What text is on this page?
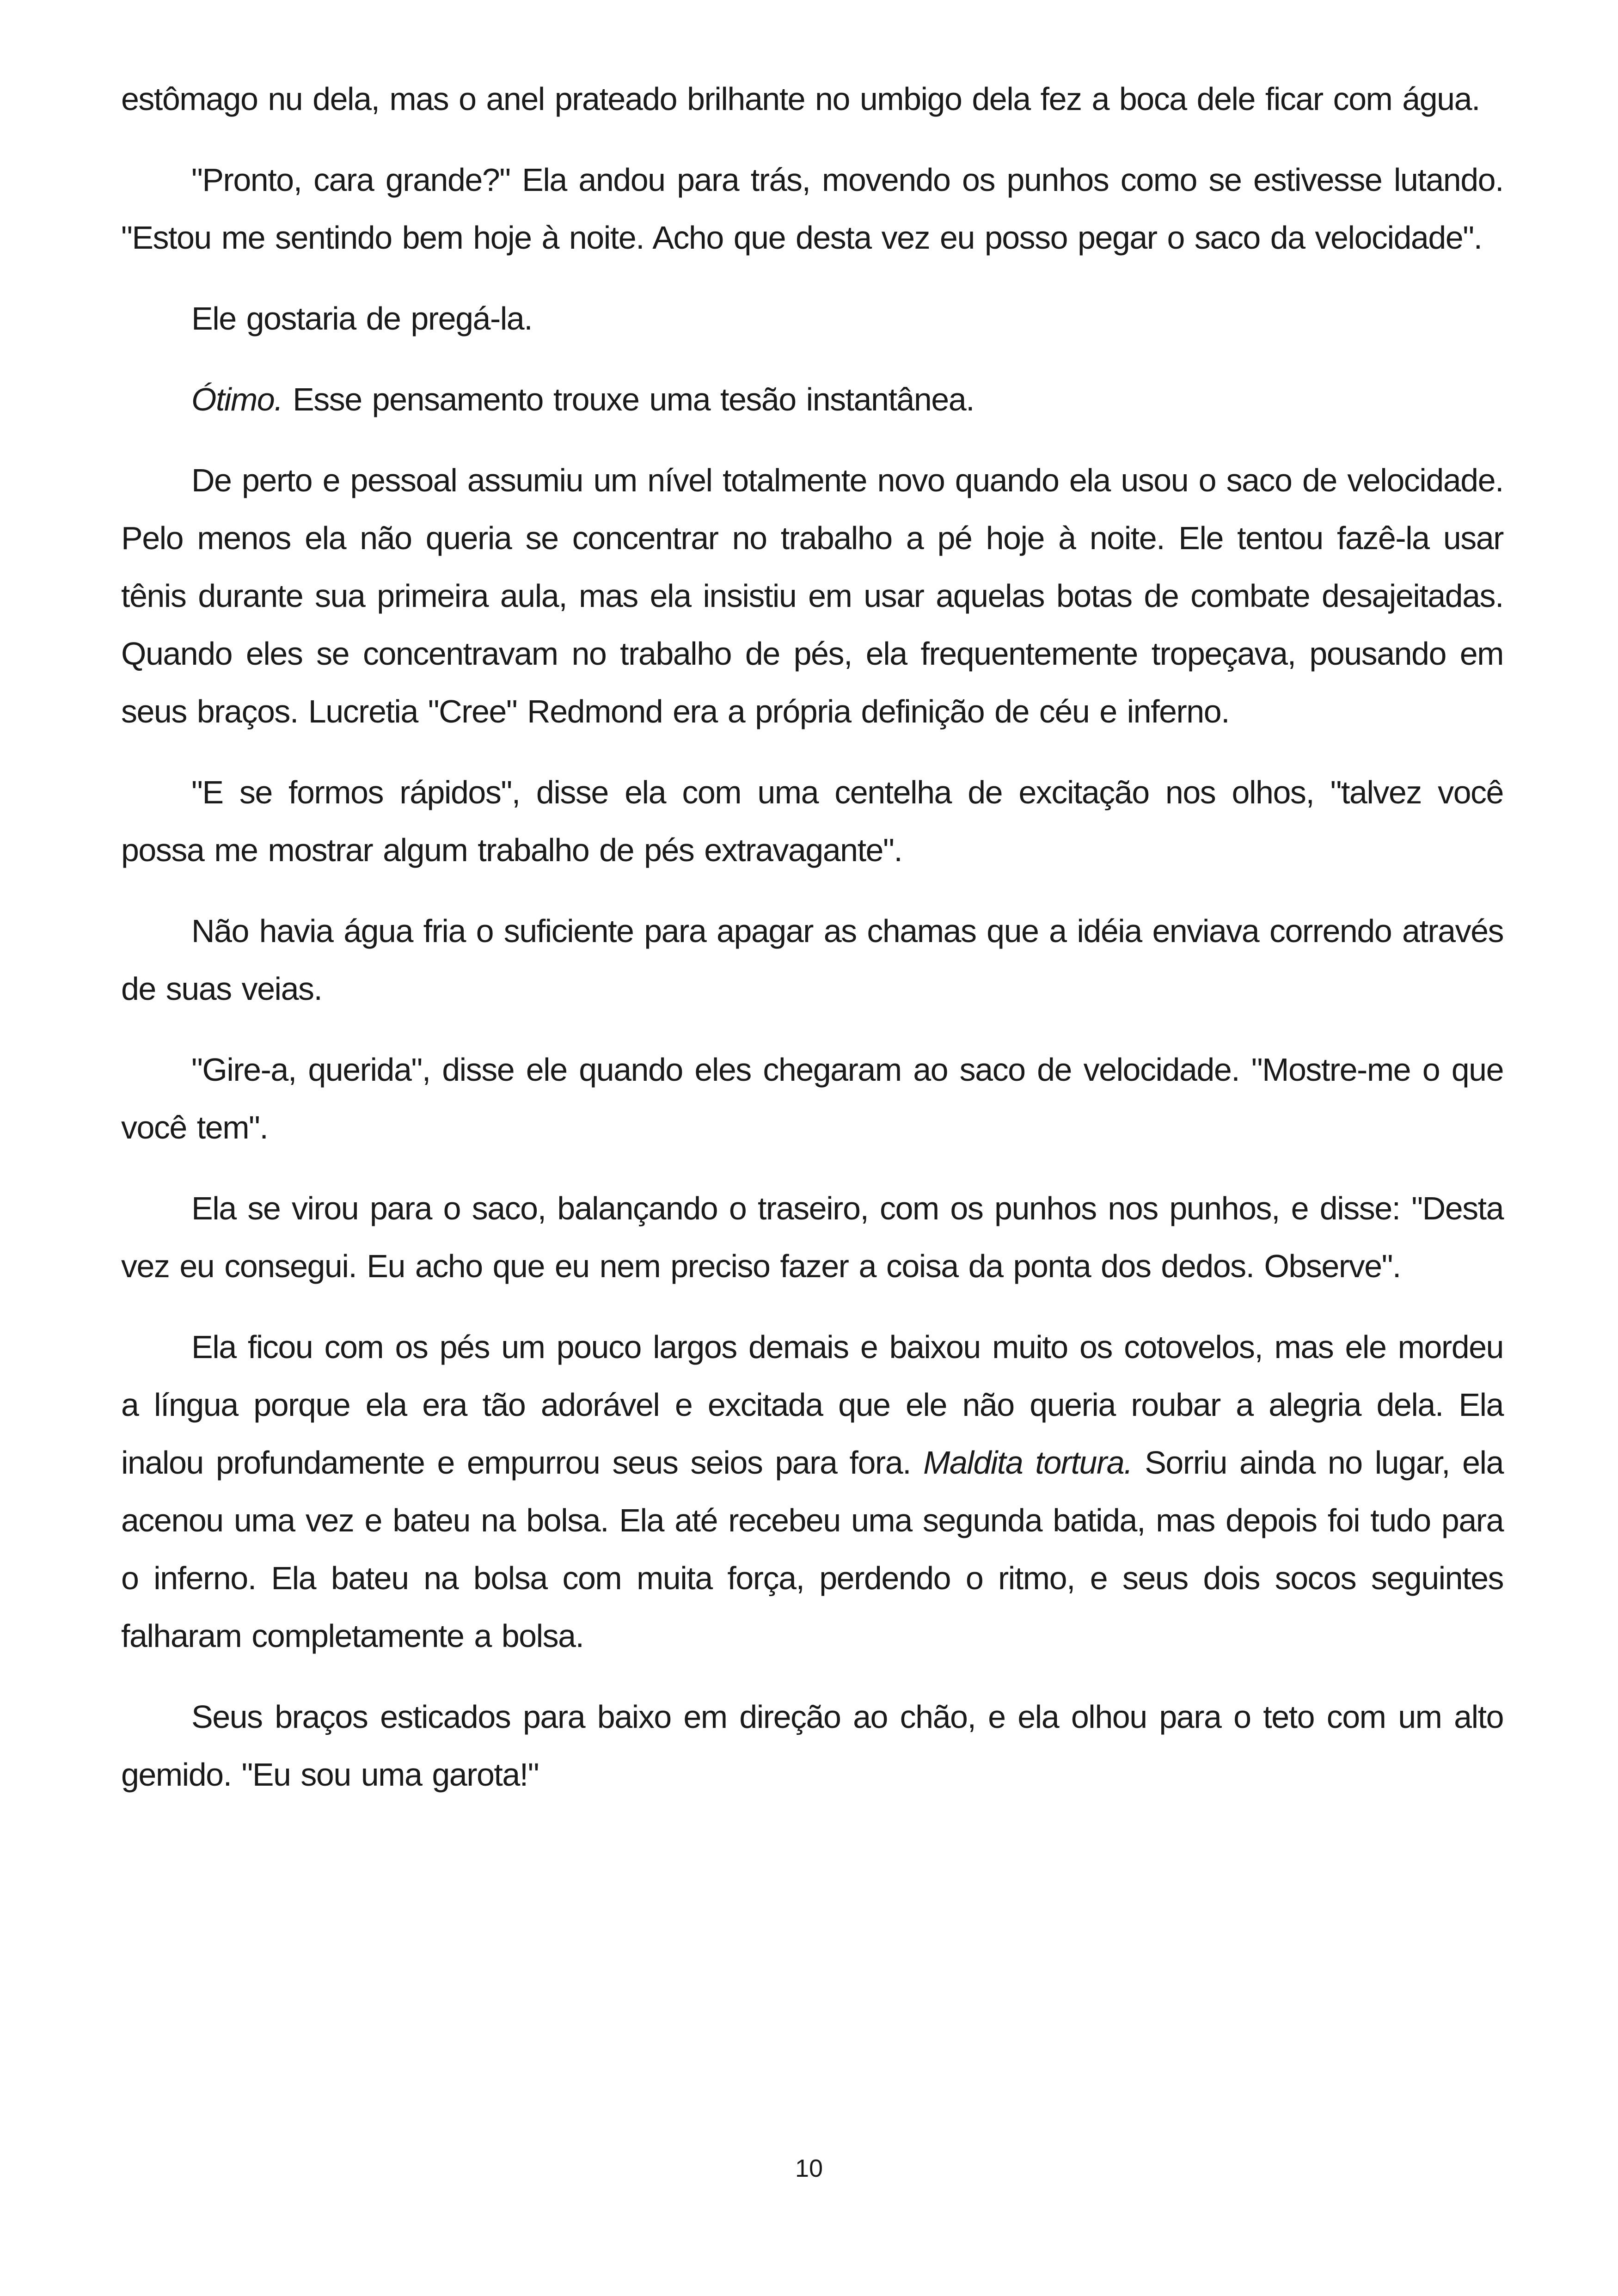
estômago nu dela, mas o anel prateado brilhante no umbigo dela fez a boca dele ficar com água.

"Pronto, cara grande?" Ela andou para trás, movendo os punhos como se estivesse lutando. "Estou me sentindo bem hoje à noite. Acho que desta vez eu posso pegar o saco da velocidade".

Ele gostaria de pregá-la.

Ótimo. Esse pensamento trouxe uma tesão instantânea.

De perto e pessoal assumiu um nível totalmente novo quando ela usou o saco de velocidade. Pelo menos ela não queria se concentrar no trabalho a pé hoje à noite. Ele tentou fazê-la usar tênis durante sua primeira aula, mas ela insistiu em usar aquelas botas de combate desajeitadas. Quando eles se concentravam no trabalho de pés, ela frequentemente tropeçava, pousando em seus braços. Lucretia "Cree" Redmond era a própria definição de céu e inferno.

"E se formos rápidos", disse ela com uma centelha de excitação nos olhos, "talvez você possa me mostrar algum trabalho de pés extravagante".

Não havia água fria o suficiente para apagar as chamas que a idéia enviava correndo através de suas veias.

"Gire-a, querida", disse ele quando eles chegaram ao saco de velocidade. "Mostre-me o que você tem".

Ela se virou para o saco, balançando o traseiro, com os punhos nos punhos, e disse: "Desta vez eu consegui. Eu acho que eu nem preciso fazer a coisa da ponta dos dedos. Observe".

Ela ficou com os pés um pouco largos demais e baixou muito os cotovelos, mas ele mordeu a língua porque ela era tão adorável e excitada que ele não queria roubar a alegria dela. Ela inalou profundamente e empurrou seus seios para fora. Maldita tortura. Sorriu ainda no lugar, ela acenou uma vez e bateu na bolsa. Ela até recebeu uma segunda batida, mas depois foi tudo para o inferno. Ela bateu na bolsa com muita força, perdendo o ritmo, e seus dois socos seguintes falharam completamente a bolsa.

Seus braços esticados para baixo em direção ao chão, e ela olhou para o teto com um alto gemido. "Eu sou uma garota!"

10
